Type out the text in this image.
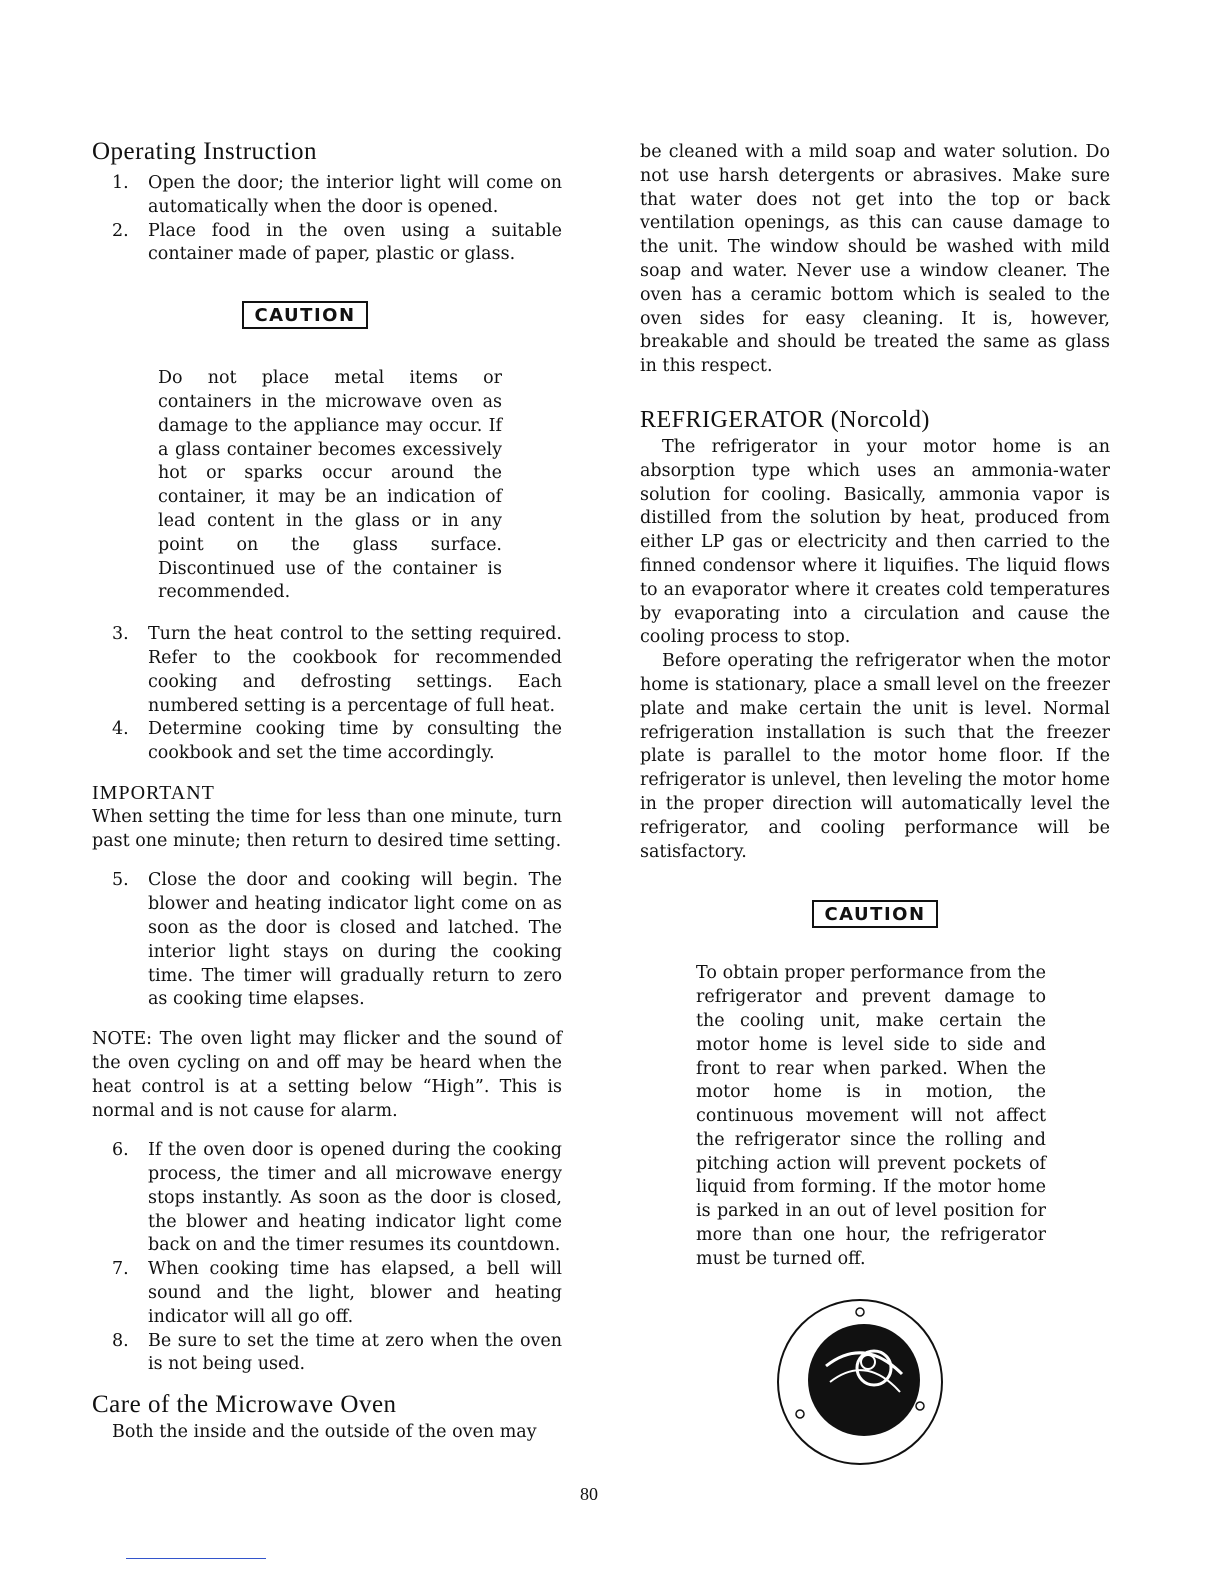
Operating Instruction
1. Open the door; the interior light will come on automatically when the door is opened.
2. Place food in the oven using a suitable container made of paper, plastic or glass.
CAUTION

Do not place metal items or containers in the microwave oven as damage to the appliance may occur. If a glass container becomes excessively hot or sparks occur around the container, it may be an indication of lead content in the glass or in any point on the glass surface. Discontinued use of the container is recommended.

3. Turn the heat control to the setting required. Refer to the cookbook for recommended cooking and defrosting settings. Each numbered setting is a percentage of full heat.
4. Determine cooking time by consulting the cookbook and set the time accordingly.

IMPORTANT

When setting the time for less than one minute, turn past one minute; then return to desired time setting.

5. Close the door and cooking will begin. The blower and heating indicator light come on as soon as the door is closed and latched. The interior light stays on during the cooking time. The timer will gradually return to zero as cooking time elapses.

NOTE: The oven light may flicker and the sound of the oven cycling on and off may be heard when the heat control is at a setting below “High”. This is normal and is not cause for alarm.

6. If the oven door is opened during the cooking process, the timer and all microwave energy stops instantly. As soon as the door is closed, the blower and heating indicator light come back on and the timer resumes its countdown.
7. When cooking time has elapsed, a bell will sound and the light, blower and heating indicator will all go off.
8. Be sure to set the time at zero when the oven is not being used.
Care of the Microwave Oven

Both the inside and the outside of the oven may

be cleaned with a mild soap and water solution. Do not use harsh detergents or abrasives. Make sure that water does not get into the top or back ventilation openings, as this can cause damage to the unit. The window should be washed with mild soap and water. Never use a window cleaner. The oven has a ceramic bottom which is sealed to the oven sides for easy cleaning. It is, however, breakable and should be treated the same as glass in this respect.

REFRIGERATOR (Norcold)

The refrigerator in your motor home is an absorption type which uses an ammonia-water solution for cooling. Basically, ammonia vapor is distilled from the solution by heat, produced from either LP gas or electricity and then carried to the finned condensor where it liquifies. The liquid flows to an evaporator where it creates cold temperatures by evaporating into a circulation and cause the cooling process to stop.

Before operating the refrigerator when the motor home is stationary, place a small level on the freezer plate and make certain the unit is level. Normal refrigeration installation is such that the freezer plate is parallel to the motor home floor. If the refrigerator is unlevel, then leveling the motor home in the proper direction will automatically level the refrigerator, and cooling performance will be satisfactory.

CAUTION

To obtain proper performance from the refrigerator and prevent damage to the cooling unit, make certain the motor home is level side to side and front to rear when parked. When the motor home is in motion, the continuous movement will not affect the refrigerator since the rolling and pitching action will prevent pockets of liquid from forming. If the motor home is parked in an out of level position for more than one hour, the refrigerator must be turned off.

80
